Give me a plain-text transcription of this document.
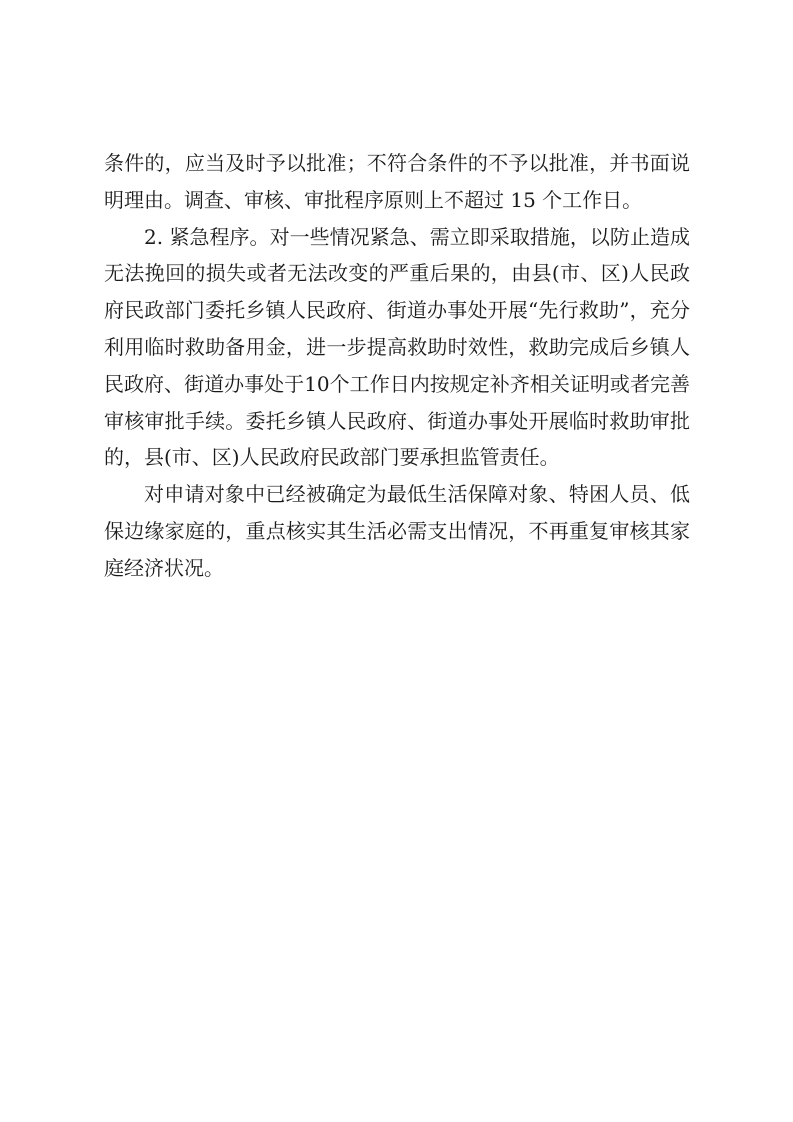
条件的，应当及时予以批准；不符合条件的不予以批准，并书面说明理由。调查、审核、审批程序原则上不超过 15 个工作日。

2. 紧急程序。对一些情况紧急、需立即采取措施，以防止造成无法挽回的损失或者无法改变的严重后果的，由县(市、区)人民政府民政部门委托乡镇人民政府、街道办事处开展“先行救助”，充分利用临时救助备用金，进一步提高救助时效性，救助完成后乡镇人民政府、街道办事处于10个工作日内按规定补齐相关证明或者完善审核审批手续。委托乡镇人民政府、街道办事处开展临时救助审批的，县(市、区)人民政府民政部门要承担监管责任。

对申请对象中已经被确定为最低生活保障对象、特困人员、低保边缘家庭的，重点核实其生活必需支出情况，不再重复审核其家庭经济状况。
